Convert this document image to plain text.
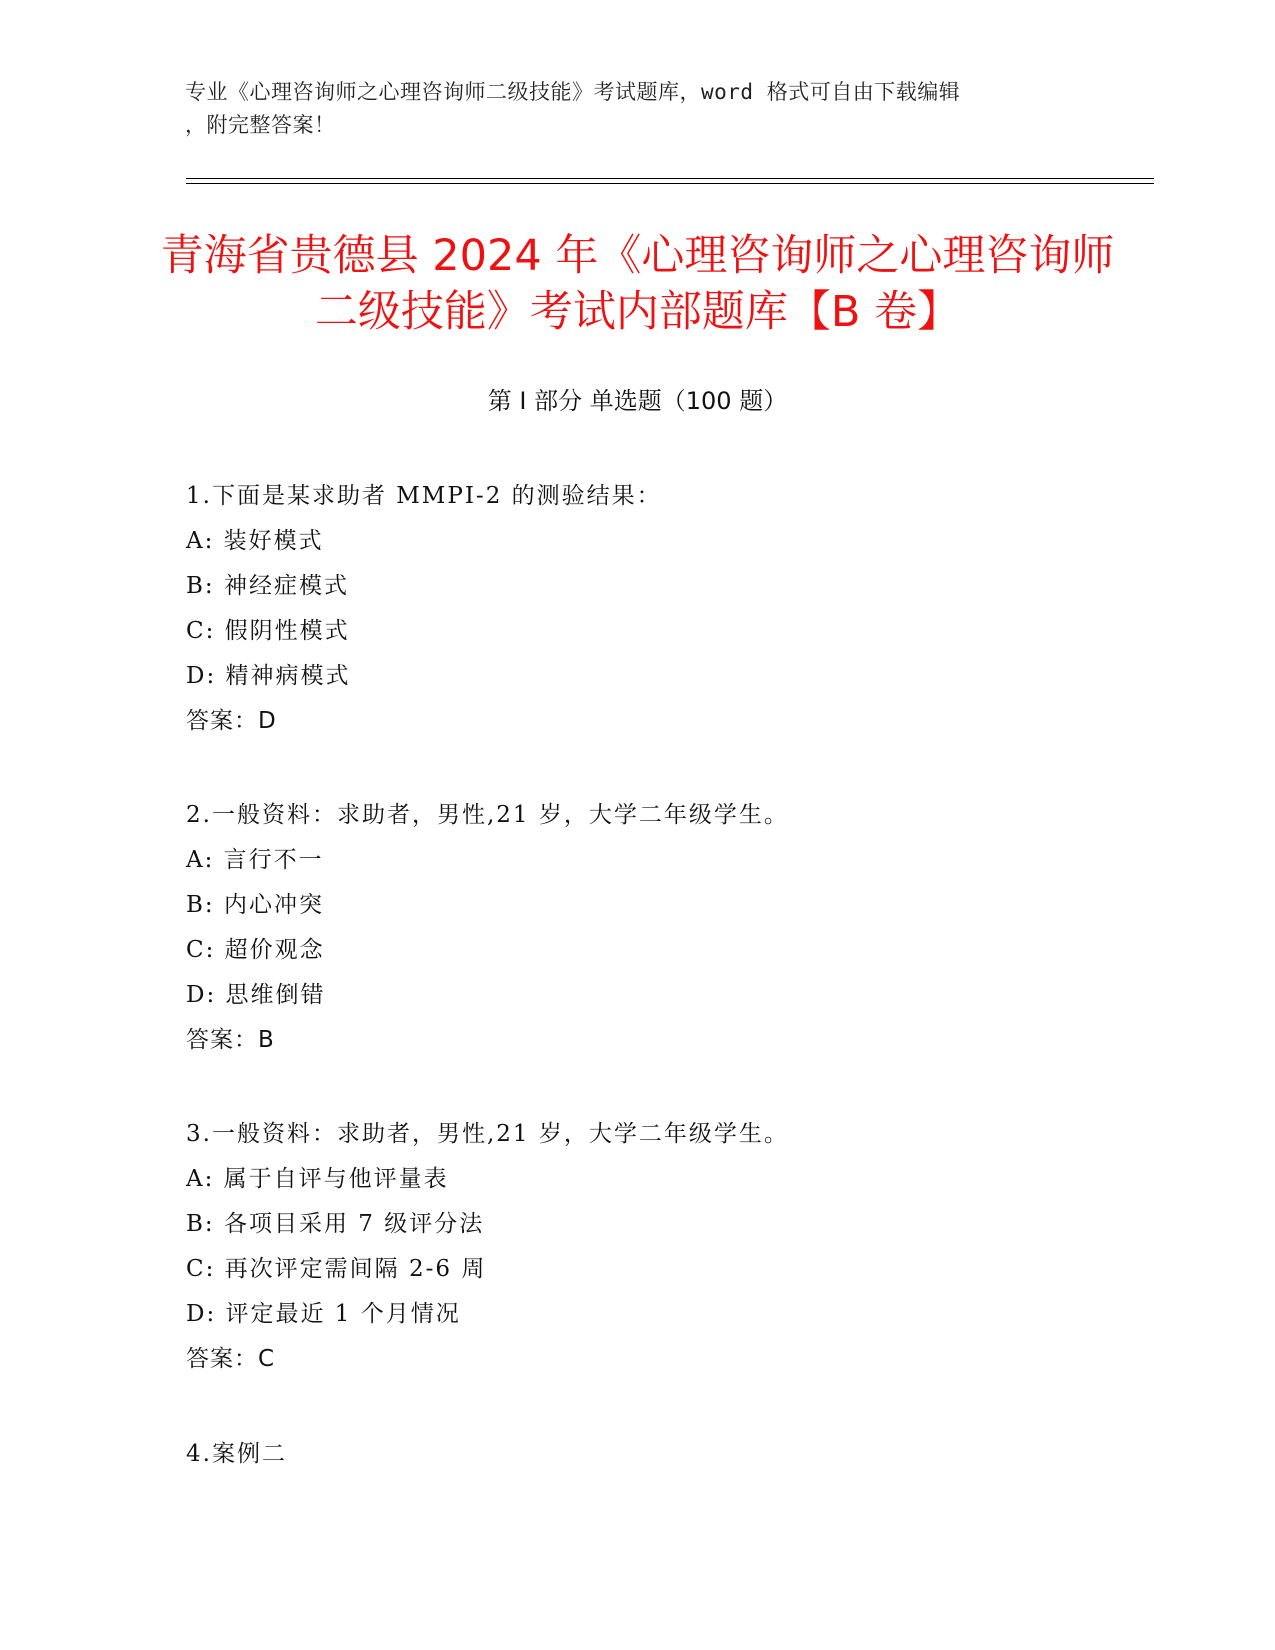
专业《心理咨询师之心理咨询师二级技能》考试题库，word 格式可自由下载编辑
，附完整答案！
青海省贵德县 2024 年《心理咨询师之心理咨询师二级技能》考试内部题库【B 卷】
第 I 部分 单选题（100 题）
1.下面是某求助者 MMPI-2 的测验结果：
A: 装好模式
B: 神经症模式
C: 假阴性模式
D: 精神病模式
答案：D
2.一般资料：求助者，男性,21 岁，大学二年级学生。
A: 言行不一
B: 内心冲突
C: 超价观念
D: 思维倒错
答案：B
3.一般资料：求助者，男性,21 岁，大学二年级学生。
A: 属于自评与他评量表
B: 各项目采用 7 级评分法
C: 再次评定需间隔 2-6 周
D: 评定最近 1 个月情况
答案：C
4.案例二
